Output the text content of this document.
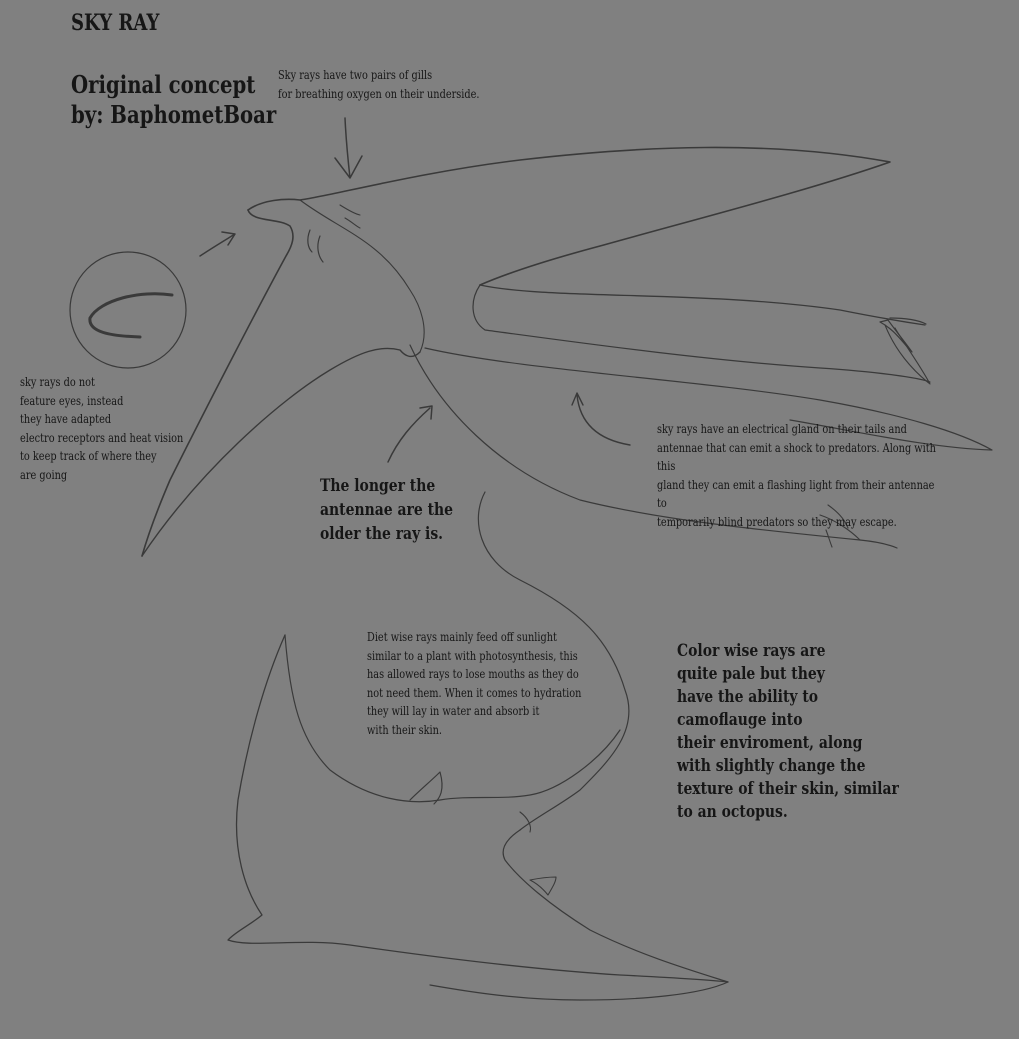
SKY RAY

Original concept
by: BaphometBoar

Sky rays have two pairs of gills
for breathing oxygen on their underside.

sky rays do not
feature eyes, instead
they have adapted
electro receptors and heat vision
to keep track of where they
are going

The longer the
antennae are the
older the ray is.

sky rays have an electrical gland on their tails and
antennae that can emit a shock to predators. Along with this
gland they can emit a flashing light from their antennae to
temporarily blind predators so they may escape.

Diet wise rays mainly feed off sunlight
similar to a plant with photosynthesis, this
has allowed rays to lose mouths as they do
not need them. When it comes to hydration
they will lay in water and absorb it
with their skin.

Color wise rays are
quite pale but they
have the ability to
camoflauge into
their enviroment, along
with slightly change the
texture of their skin, similar
to an octopus.
